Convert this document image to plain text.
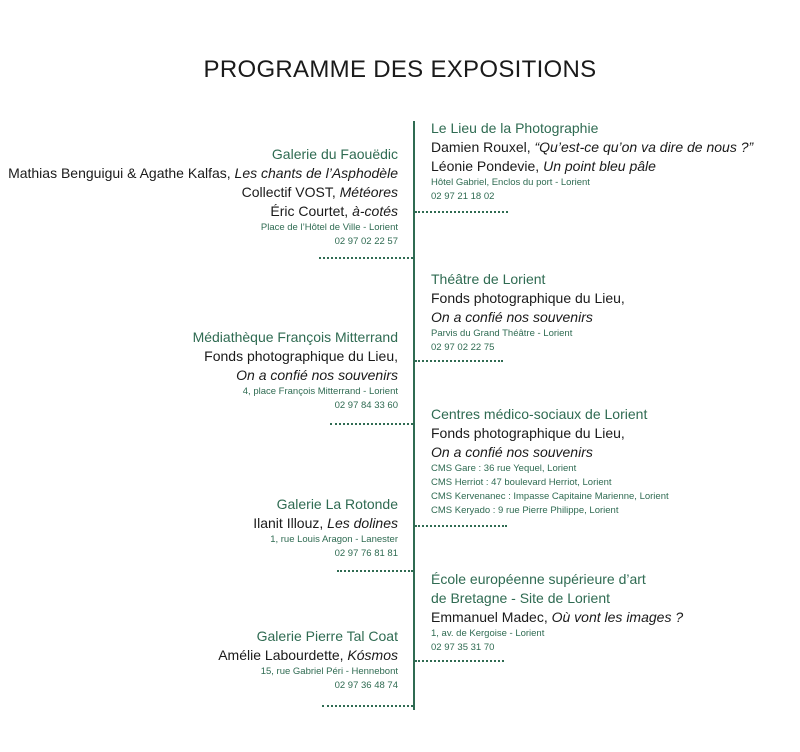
PROGRAMME DES EXPOSITIONS
Galerie du Faouëdic
Mathias Benguigui & Agathe Kalfas, Les chants de l’Asphodèle
Collectif VOST, Météores
Éric Courtet, à-cotés
Place de l’Hôtel de Ville - Lorient
02 97 02 22 57
Médiathèque François Mitterrand
Fonds photographique du Lieu,
On a confié nos souvenirs
4, place François Mitterrand - Lorient
02 97 84 33 60
Galerie La Rotonde
Ilanit Illouz, Les dolines
1, rue Louis Aragon - Lanester
02 97 76 81 81
Galerie Pierre Tal Coat
Amélie Labourdette, Kósmos
15, rue Gabriel Péri - Hennebont
02 97 36 48 74
Le Lieu de la Photographie
Damien Rouxel, “Qu’est-ce qu’on va dire de nous ?”
Léonie Pondevie, Un point bleu pâle
Hôtel Gabriel, Enclos du port - Lorient
02 97 21 18 02
Théâtre de Lorient
Fonds photographique du Lieu,
On a confié nos souvenirs
Parvis du Grand Théâtre - Lorient
02 97 02 22 75
Centres médico-sociaux de Lorient
Fonds photographique du Lieu,
On a confié nos souvenirs
CMS Gare : 36 rue Yequel, Lorient
CMS Herriot : 47 boulevard Herriot, Lorient
CMS Kervenanec : Impasse Capitaine Marienne, Lorient
CMS Keryado : 9 rue Pierre Philippe, Lorient
École européenne supérieure d’art
de Bretagne - Site de Lorient
Emmanuel Madec, Où vont les images ?
1, av. de Kergoise - Lorient
02 97 35 31 70
